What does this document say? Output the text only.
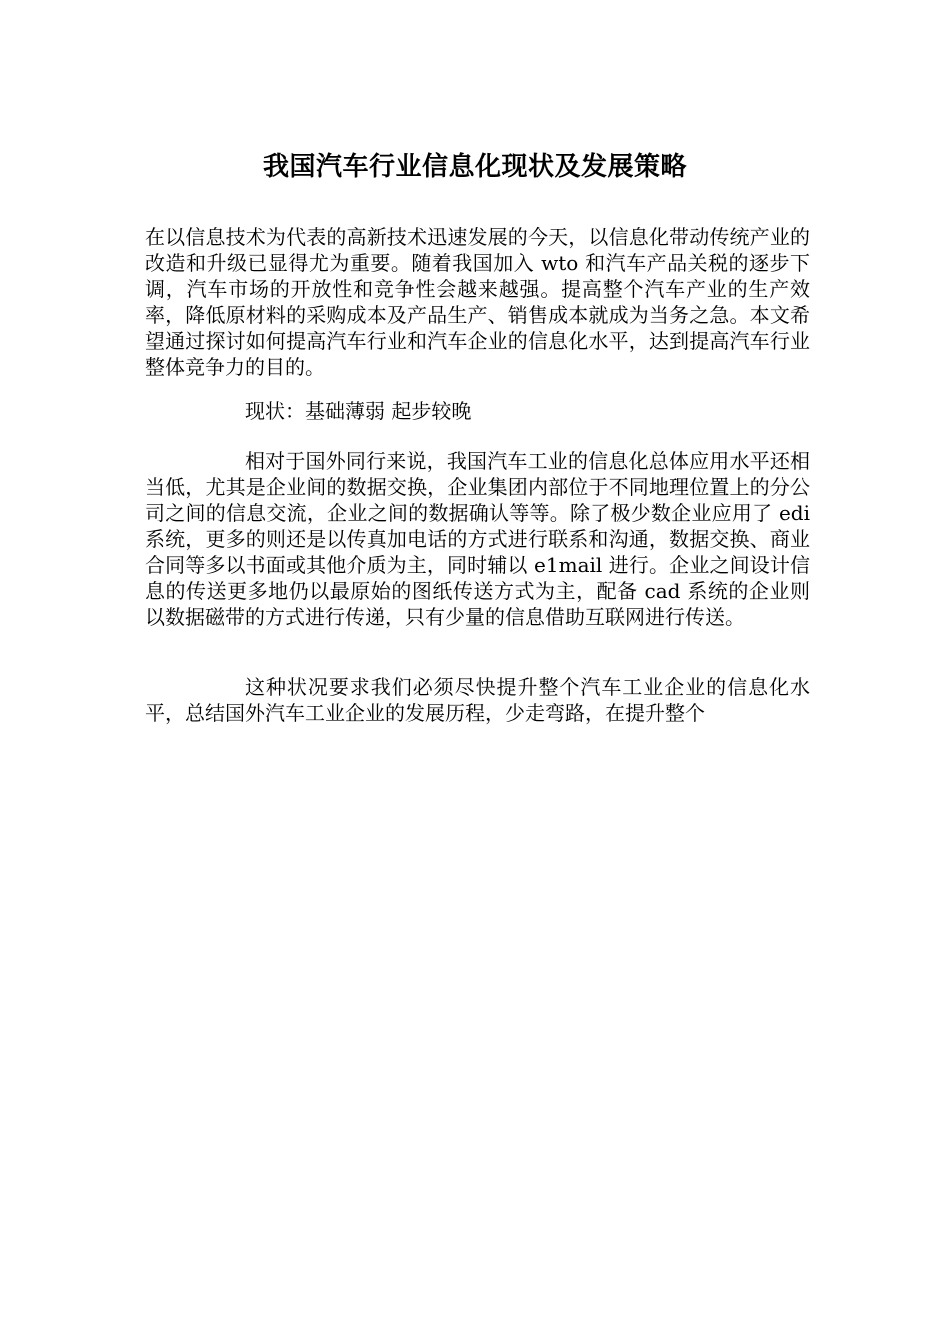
我国汽车行业信息化现状及发展策略

在以信息技术为代表的高新技术迅速发展的今天，以信息化带动传统产业的改造和升级已显得尤为重要。随着我国加入 wto 和汽车产品关税的逐步下调，汽车市场的开放性和竞争性会越来越强。提高整个汽车产业的生产效率，降低原材料的采购成本及产品生产、销售成本就成为当务之急。本文希望通过探讨如何提高汽车行业和汽车企业的信息化水平，达到提高汽车行业整体竞争力的目的。

现状：基础薄弱 起步较晚

相对于国外同行来说，我国汽车工业的信息化总体应用水平还相当低，尤其是企业间的数据交换，企业集团内部位于不同地理位置上的分公司之间的信息交流，企业之间的数据确认等等。除了极少数企业应用了 edi 系统，更多的则还是以传真加电话的方式进行联系和沟通，数据交换、商业合同等多以书面或其他介质为主，同时辅以 e1mail 进行。企业之间设计信息的传送更多地仍以最原始的图纸传送方式为主，配备 cad 系统的企业则以数据磁带的方式进行传递，只有少量的信息借助互联网进行传送。

这种状况要求我们必须尽快提升整个汽车工业企业的信息化水平，总结国外汽车工业企业的发展历程，少走弯路，在提升整个
